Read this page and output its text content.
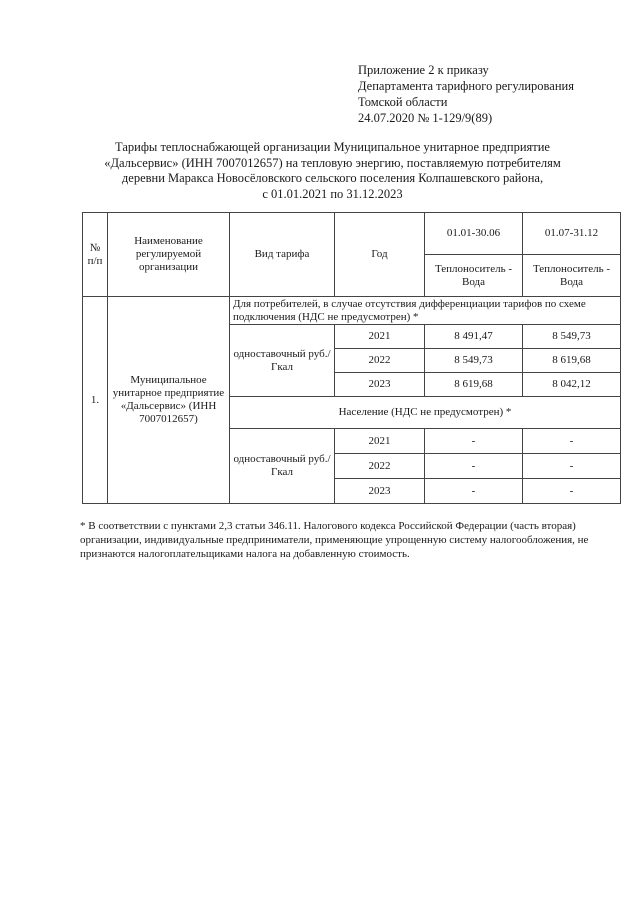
Приложение 2 к приказу
Департамента тарифного регулирования
Томской области
24.07.2020 № 1-129/9(89)
Тарифы теплоснабжающей организации Муниципальное унитарное предприятие
«Дальсервис» (ИНН 7007012657) на тепловую энергию, поставляемую потребителям
деревни Маракса Новосёловского сельского поселения Колпашевского района,
с 01.01.2021 по 31.12.2023
№ п/п	Наименование регулируемой организации	Вид тарифа	Год	01.01-30.06	01.07-31.12
				Теплоноситель - Вода	Теплоноситель - Вода
1.	Муниципальное унитарное предприятие «Дальсервис» (ИНН 7007012657)	Для потребителей, в случае отсутствия дифференциации тарифов по схеме подключения (НДС не предусмотрен) *			
		одноставочный руб./Гкал	2021	8 491,47	8 549,73
			2022	8 549,73	8 619,68
			2023	8 619,68	8 042,12
		Население (НДС не предусмотрен) *			
		одноставочный руб./Гкал	2021	-	-
			2022	-	-
			2023	-	-
* В соответствии с пунктами 2,3 статьи 346.11. Налогового кодекса Российской Федерации (часть вторая) организации, индивидуальные предприниматели, применяющие упрощенную систему налогообложения, не признаются налогоплательщиками налога на добавленную стоимость.
